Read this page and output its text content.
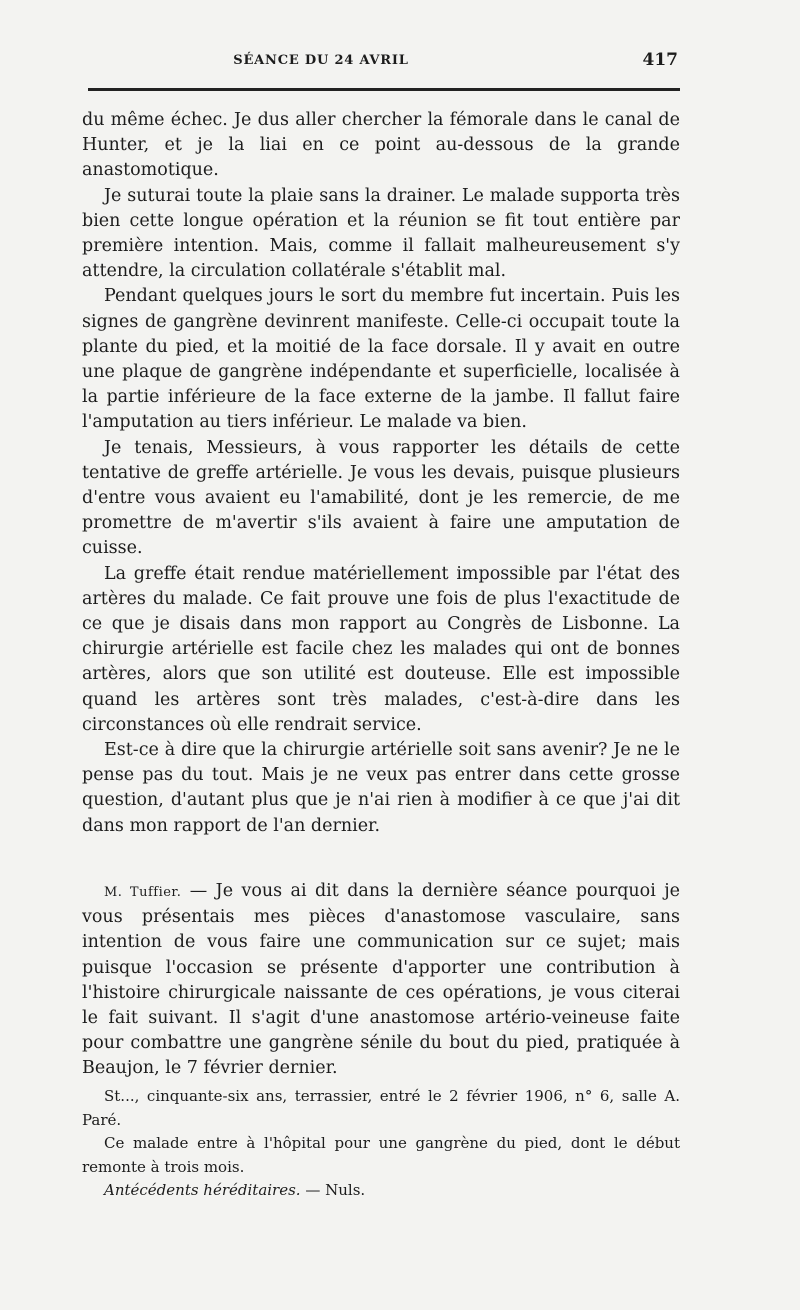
SÉANCE DU 24 AVRIL	417

du même échec. Je dus aller chercher la fémorale dans le canal de Hunter, et je la liai en ce point au-dessous de la grande anastomotique.

Je suturai toute la plaie sans la drainer. Le malade supporta très bien cette longue opération et la réunion se fit tout entière par première intention. Mais, comme il fallait malheureusement s'y attendre, la circulation collatérale s'établit mal.

Pendant quelques jours le sort du membre fut incertain. Puis les signes de gangrène devinrent manifeste. Celle-ci occupait toute la plante du pied, et la moitié de la face dorsale. Il y avait en outre une plaque de gangrène indépendante et superficielle, localisée à la partie inférieure de la face externe de la jambe. Il fallut faire l'amputation au tiers inférieur. Le malade va bien.

Je tenais, Messieurs, à vous rapporter les détails de cette tentative de greffe artérielle. Je vous les devais, puisque plusieurs d'entre vous avaient eu l'amabilité, dont je les remercie, de me promettre de m'avertir s'ils avaient à faire une amputation de cuisse.

La greffe était rendue matériellement impossible par l'état des artères du malade. Ce fait prouve une fois de plus l'exactitude de ce que je disais dans mon rapport au Congrès de Lisbonne. La chirurgie artérielle est facile chez les malades qui ont de bonnes artères, alors que son utilité est douteuse. Elle est impossible quand les artères sont très malades, c'est-à-dire dans les circonstances où elle rendrait service.

Est-ce à dire que la chirurgie artérielle soit sans avenir? Je ne le pense pas du tout. Mais je ne veux pas entrer dans cette grosse question, d'autant plus que je n'ai rien à modifier à ce que j'ai dit dans mon rapport de l'an dernier.

M. Tuffier. — Je vous ai dit dans la dernière séance pourquoi je vous présentais mes pièces d'anastomose vasculaire, sans intention de vous faire une communication sur ce sujet; mais puisque l'occasion se présente d'apporter une contribution à l'histoire chirurgicale naissante de ces opérations, je vous citerai le fait suivant. Il s'agit d'une anastomose artério-veineuse faite pour combattre une gangrène sénile du bout du pied, pratiquée à Beaujon, le 7 février dernier.

St..., cinquante-six ans, terrassier, entré le 2 février 1906, n° 6, salle A. Paré.

Ce malade entre à l'hôpital pour une gangrène du pied, dont le début remonte à trois mois.

Antécédents héréditaires. — Nuls.
